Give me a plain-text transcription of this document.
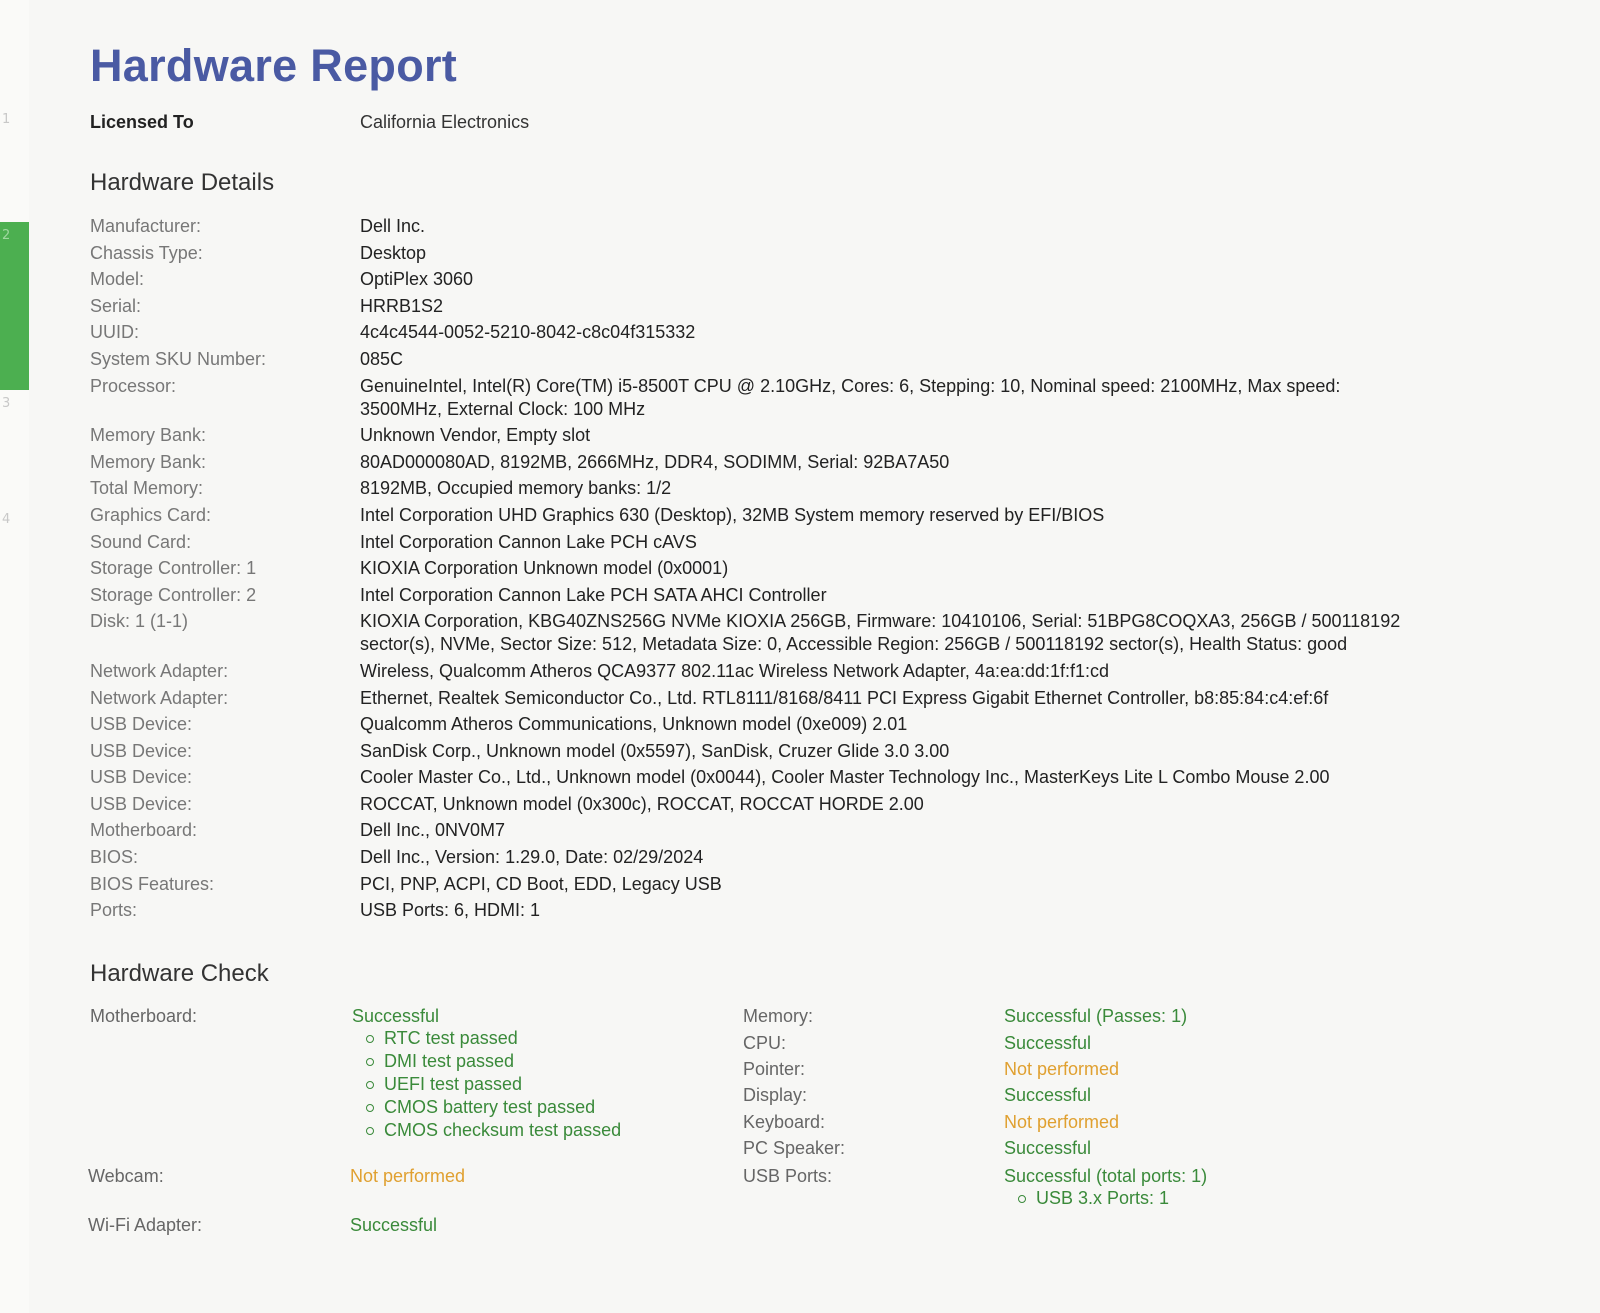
1
2
3
4
Hardware Report
Licensed To	California Electronics
Hardware Details
Manufacturer:	Dell Inc.
Chassis Type:	Desktop
Model:	OptiPlex 3060
Serial:	HRRB1S2
UUID:	4c4c4544-0052-5210-8042-c8c04f315332
System SKU Number:	085C
Processor:	GenuineIntel, Intel(R) Core(TM) i5-8500T CPU @ 2.10GHz, Cores: 6, Stepping: 10, Nominal speed: 2100MHz, Max speed: 3500MHz, External Clock: 100 MHz
Memory Bank:	Unknown Vendor, Empty slot
Memory Bank:	80AD000080AD, 8192MB, 2666MHz, DDR4, SODIMM, Serial: 92BA7A50
Total Memory:	8192MB, Occupied memory banks: 1/2
Graphics Card:	Intel Corporation UHD Graphics 630 (Desktop), 32MB System memory reserved by EFI/BIOS
Sound Card:	Intel Corporation Cannon Lake PCH cAVS
Storage Controller: 1	KIOXIA Corporation Unknown model (0x0001)
Storage Controller: 2	Intel Corporation Cannon Lake PCH SATA AHCI Controller
Disk: 1 (1-1)	KIOXIA Corporation, KBG40ZNS256G NVMe KIOXIA 256GB, Firmware: 10410106, Serial: 51BPG8COQXA3, 256GB / 500118192 sector(s), NVMe, Sector Size: 512, Metadata Size: 0, Accessible Region: 256GB / 500118192 sector(s), Health Status: good
Network Adapter:	Wireless, Qualcomm Atheros QCA9377 802.11ac Wireless Network Adapter, 4a:ea:dd:1f:f1:cd
Network Adapter:	Ethernet, Realtek Semiconductor Co., Ltd. RTL8111/8168/8411 PCI Express Gigabit Ethernet Controller, b8:85:84:c4:ef:6f
USB Device:	Qualcomm Atheros Communications, Unknown model (0xe009) 2.01
USB Device:	SanDisk Corp., Unknown model (0x5597), SanDisk, Cruzer Glide 3.0 3.00
USB Device:	Cooler Master Co., Ltd., Unknown model (0x0044), Cooler Master Technology Inc., MasterKeys Lite L Combo Mouse 2.00
USB Device:	ROCCAT, Unknown model (0x300c), ROCCAT, ROCCAT HORDE 2.00
Motherboard:	Dell Inc., 0NV0M7
BIOS:	Dell Inc., Version: 1.29.0, Date: 02/29/2024
BIOS Features:	PCI, PNP, ACPI, CD Boot, EDD, Legacy USB
Ports:	USB Ports: 6, HDMI: 1
Hardware Check
Motherboard:	Successful
RTC test passed
DMI test passed
UEFI test passed
CMOS battery test passed
CMOS checksum test passed
Webcam:	Not performed
Wi-Fi Adapter:	Successful
Memory:	Successful (Passes: 1)
CPU:	Successful
Pointer:	Not performed
Display:	Successful
Keyboard:	Not performed
PC Speaker:	Successful
USB Ports:	Successful (total ports: 1)
USB 3.x Ports: 1
